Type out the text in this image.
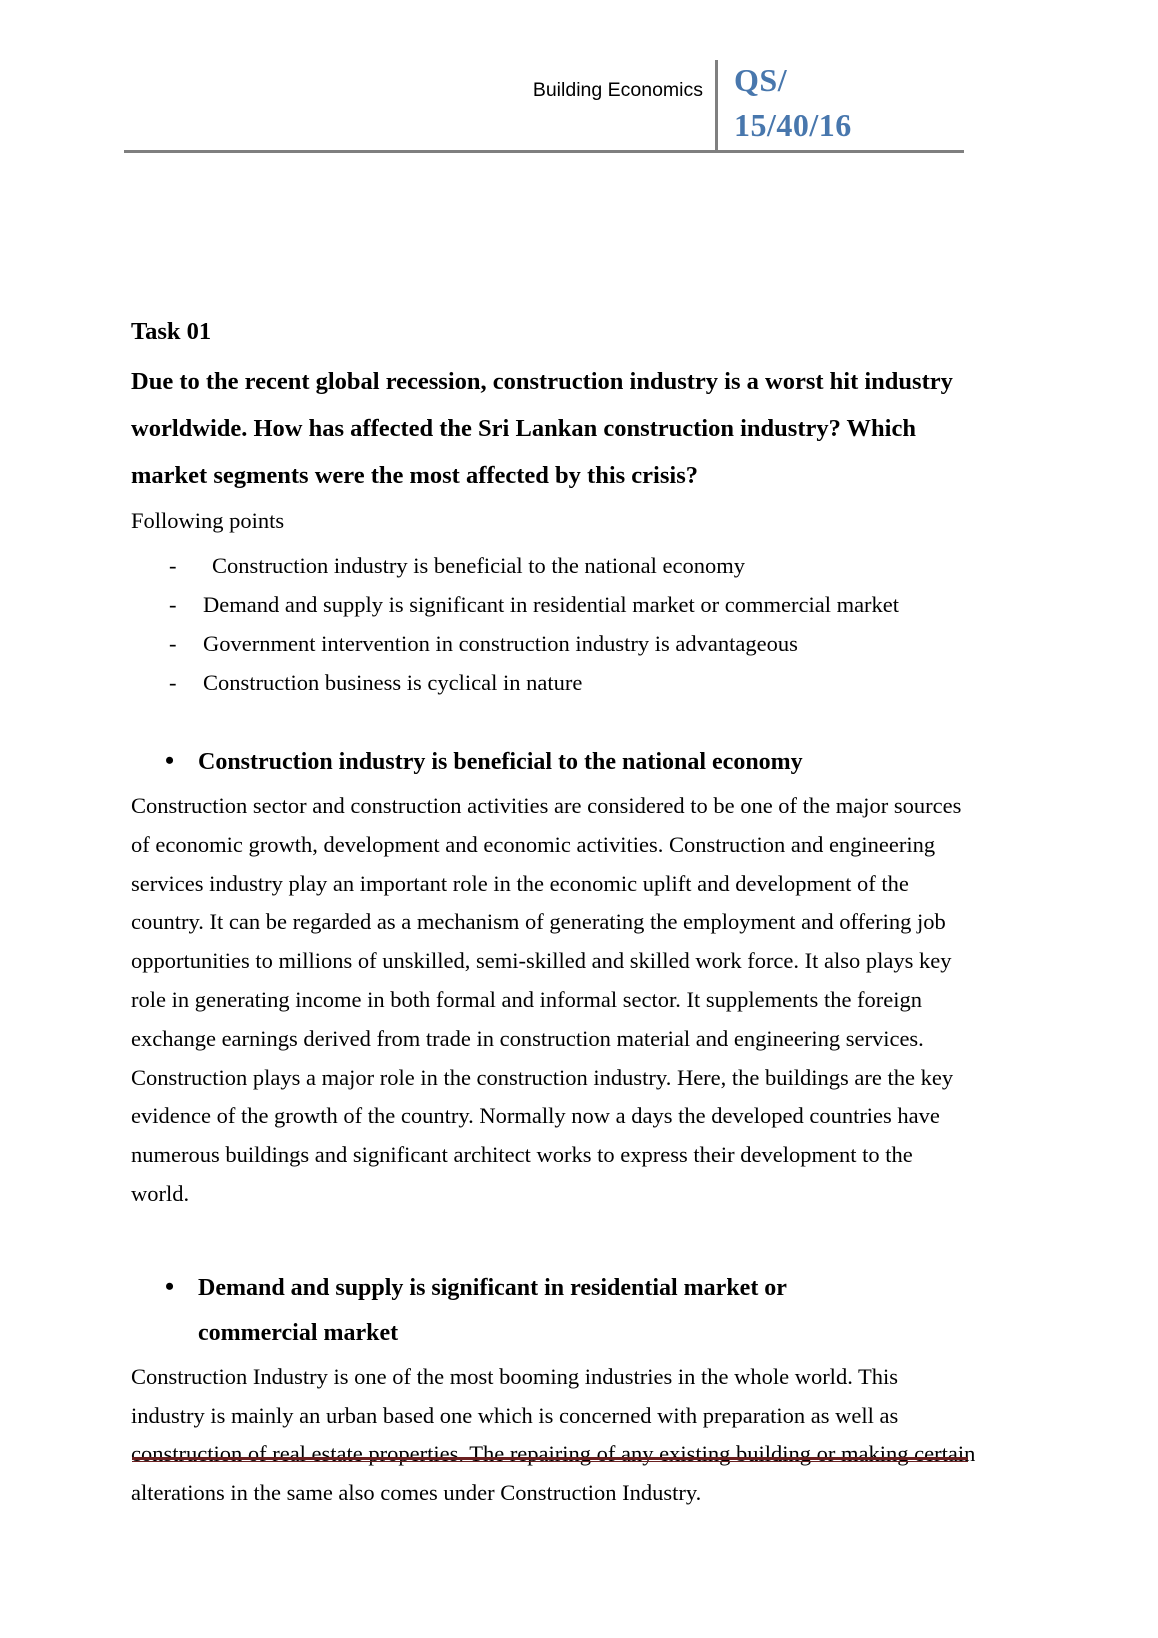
Building Economics QS/
15/40/16

Task 01

Due to the recent global recession, construction industry is a worst hit industry worldwide. How has affected the Sri Lankan construction industry? Which market segments were the most affected by this crisis?

Following points

- Construction industry is beneficial to the national economy
- Demand and supply is significant in residential market or commercial market
- Government intervention in construction industry is advantageous
- Construction business is cyclical in nature

• Construction industry is beneficial to the national economy

Construction sector and construction activities are considered to be one of the major sources of economic growth, development and economic activities. Construction and engineering services industry play an important role in the economic uplift and development of the country. It can be regarded as a mechanism of generating the employment and offering job opportunities to millions of unskilled, semi-skilled and skilled work force. It also plays key role in generating income in both formal and informal sector. It supplements the foreign exchange earnings derived from trade in construction material and engineering services. Construction plays a major role in the construction industry. Here, the buildings are the key evidence of the growth of the country. Normally now a days the developed countries have numerous buildings and significant architect works to express their development to the world.

• Demand and supply is significant in residential market or commercial market

Construction Industry is one of the most booming industries in the whole world. This industry is mainly an urban based one which is concerned with preparation as well as construction of real estate properties. The repairing of any existing building or making certain alterations in the same also comes under Construction Industry.
